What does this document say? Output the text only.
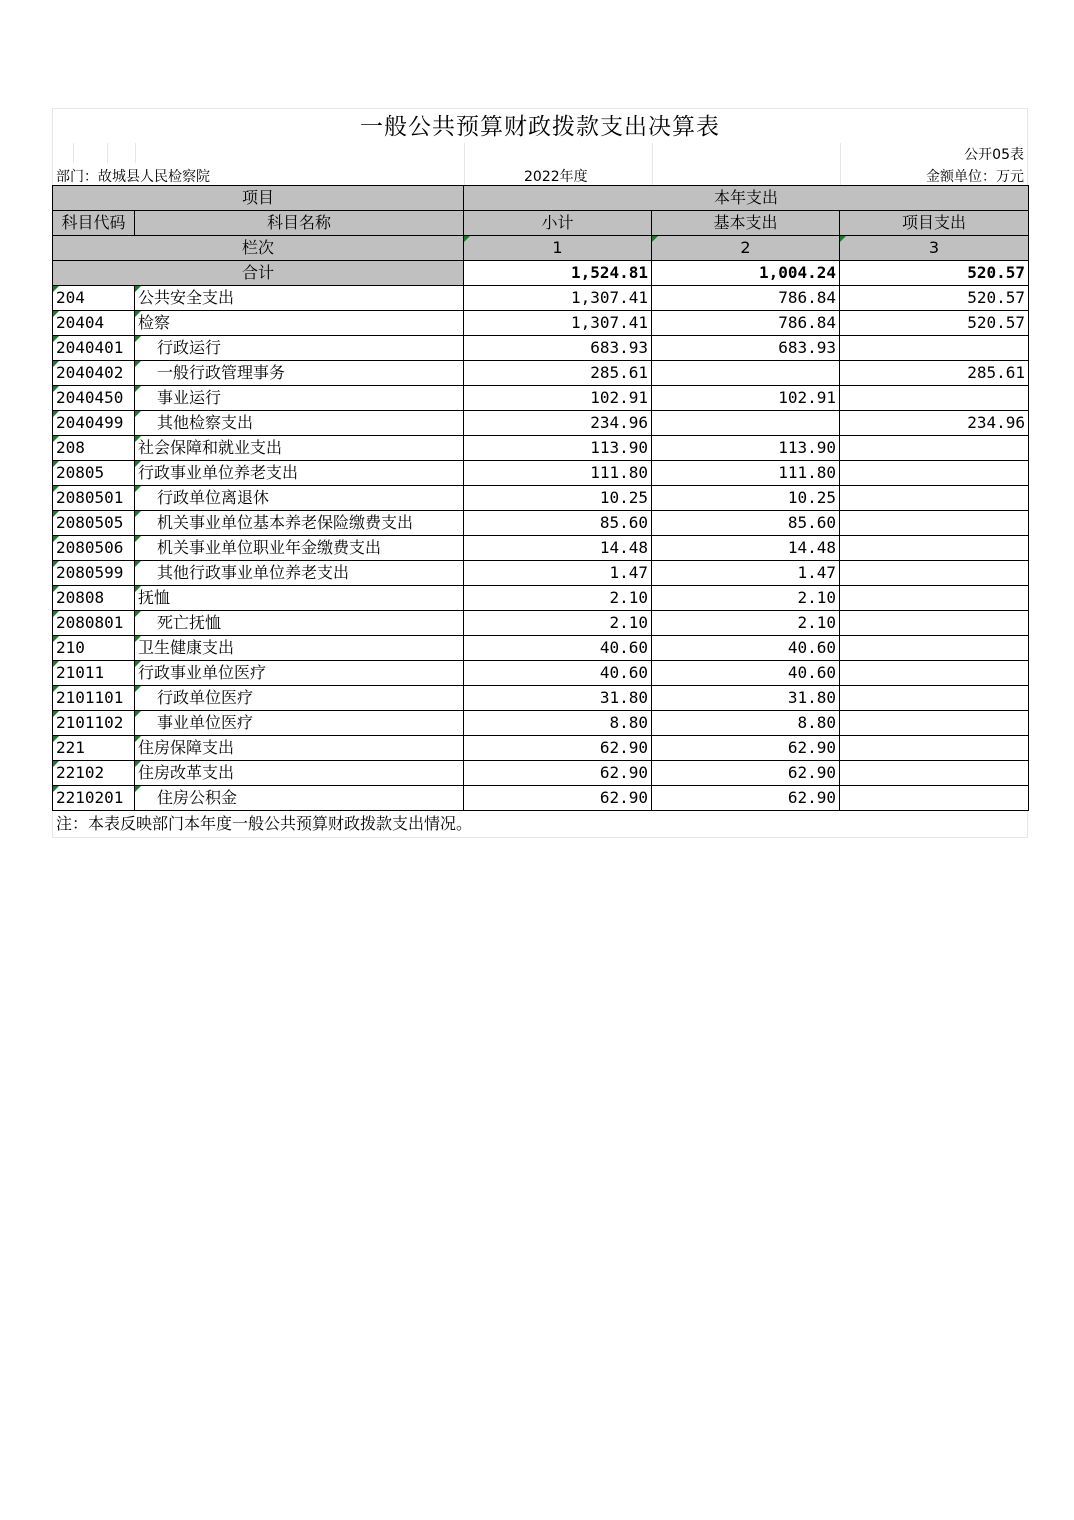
一般公共预算财政拨款支出决算表
公开05表
部门：故城县人民检察院	2022年度	金额单位：万元
项目		本年支出		
科目代码	科目名称	小计	基本支出	项目支出
栏次		1	2	3
合计		1,524.81	1,004.24	520.57
204	公共安全支出	1,307.41	786.84	520.57
20404	检察	1,307.41	786.84	520.57
2040401	行政运行	683.93	683.93	
2040402	一般行政管理事务	285.61		285.61
2040450	事业运行	102.91	102.91	
2040499	其他检察支出	234.96		234.96
208	社会保障和就业支出	113.90	113.90	
20805	行政事业单位养老支出	111.80	111.80	
2080501	行政单位离退休	10.25	10.25	
2080505	机关事业单位基本养老保险缴费支出	85.60	85.60	
2080506	机关事业单位职业年金缴费支出	14.48	14.48	
2080599	其他行政事业单位养老支出	1.47	1.47	
20808	抚恤	2.10	2.10	
2080801	死亡抚恤	2.10	2.10	
210	卫生健康支出	40.60	40.60	
21011	行政事业单位医疗	40.60	40.60	
2101101	行政单位医疗	31.80	31.80	
2101102	事业单位医疗	8.80	8.80	
221	住房保障支出	62.90	62.90	
22102	住房改革支出	62.90	62.90	
2210201	住房公积金	62.90	62.90	
注：本表反映部门本年度一般公共预算财政拨款支出情况。
